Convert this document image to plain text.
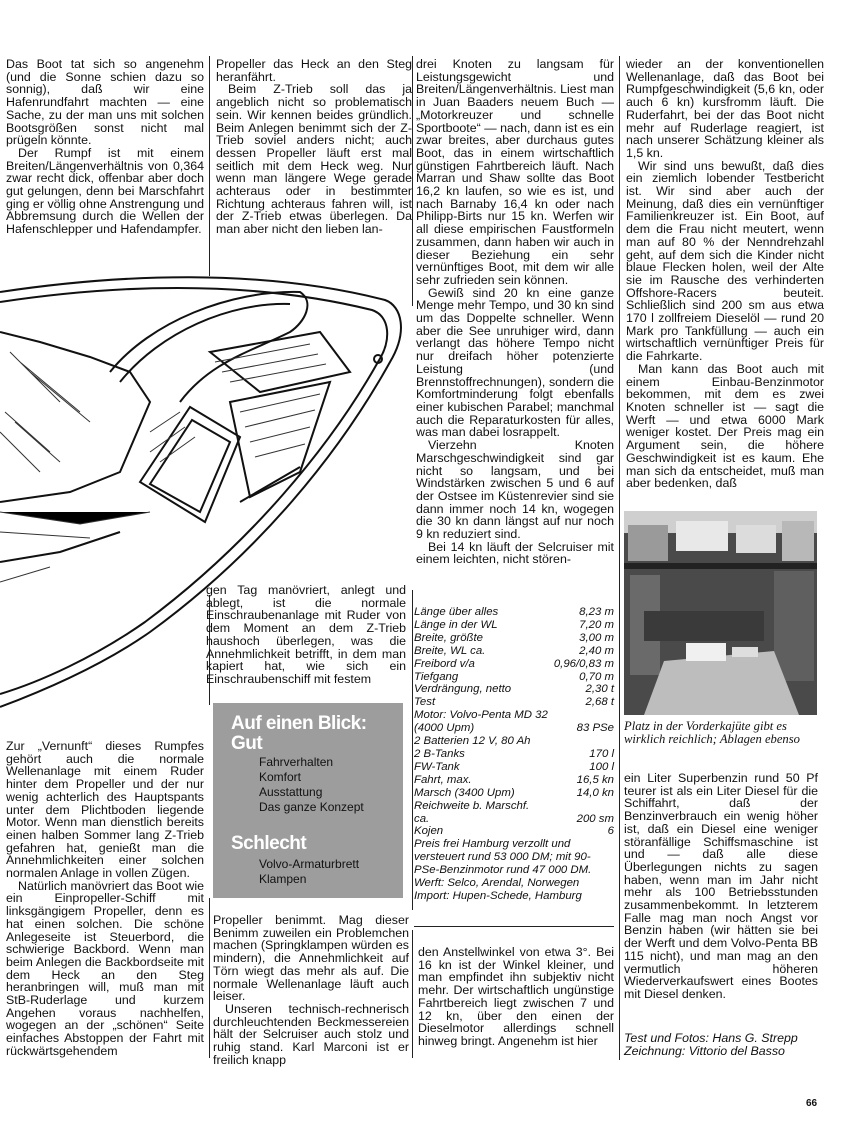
Das Boot tat sich so angenehm (und die Sonne schien dazu so sonnig), daß wir eine Hafenrundfahrt machten — eine Sache, zu der man uns mit solchen Bootsgrößen sonst nicht mal prügeln könnte.

Der Rumpf ist mit einem Breiten/Längenverhältnis von 0,364 zwar recht dick, offenbar aber doch gut gelungen, denn bei Marschfahrt ging er völlig ohne Anstrengung und Abbremsung durch die Wellen der Hafenschlepper und Hafendampfer.

Propeller das Heck an den Steg heranfährt.

Beim Z-Trieb soll das ja angeblich nicht so problematisch sein. Wir kennen beides gründlich. Beim Anlegen benimmt sich der Z-Trieb soviel anders nicht; auch dessen Propeller läuft erst mal seitlich mit dem Heck weg. Nur wenn man längere Wege gerade achteraus oder in bestimmter Richtung achteraus fahren will, ist der Z-Trieb etwas überlegen. Da man aber nicht den lieben lan-

drei Knoten zu langsam für Leistungsgewicht und Breiten/Längenverhältnis. Liest man in Juan Baaders neuem Buch — „Motorkreuzer und schnelle Sportboote“ — nach, dann ist es ein zwar breites, aber durchaus gutes Boot, das in einem wirtschaftlich günstigen Fahrtbereich läuft. Nach Marran und Shaw sollte das Boot 16,2 kn laufen, so wie es ist, und nach Barnaby 16,4 kn oder nach Philipp-Birts nur 15 kn. Werfen wir all diese empirischen Faustformeln zusammen, dann haben wir auch in dieser Beziehung ein sehr vernünftiges Boot, mit dem wir alle sehr zufrieden sein können.

Gewiß sind 20 kn eine ganze Menge mehr Tempo, und 30 kn sind um das Doppelte schneller. Wenn aber die See unruhiger wird, dann verlangt das höhere Tempo nicht nur dreifach höher potenzierte Leistung (und Brennstoffrechnungen), sondern die Komfortminderung folgt ebenfalls einer kubischen Parabel; manchmal auch die Reparaturkosten für alles, was man dabei losrappelt.

Vierzehn Knoten Marschgeschwindigkeit sind gar nicht so langsam, und bei Windstärken zwischen 5 und 6 auf der Ostsee im Küstenrevier sind sie dann immer noch 14 kn, wogegen die 30 kn dann längst auf nur noch 9 kn reduziert sind.

Bei 14 kn läuft der Selcruiser mit einem leichten, nicht stören-

wieder an der konventionellen Wellenanlage, daß das Boot bei Rumpfgeschwindigkeit (5,6 kn, oder auch 6 kn) kursfromm läuft. Die Ruderfahrt, bei der das Boot nicht mehr auf Ruderlage reagiert, ist nach unserer Schätzung kleiner als 1,5 kn.

Wir sind uns bewußt, daß dies ein ziemlich lobender Testbericht ist. Wir sind aber auch der Meinung, daß dies ein vernünftiger Familienkreuzer ist. Ein Boot, auf dem die Frau nicht meutert, wenn man auf 80 % der Nenndrehzahl geht, auf dem sich die Kinder nicht blaue Flecken holen, weil der Alte sie im Rausche des verhinderten Offshore-Racers beuteit. Schließlich sind 200 sm aus etwa 170 l zollfreiem Dieselöl — rund 20 Mark pro Tankfüllung — auch ein wirtschaftlich vernünftiger Preis für die Fahrkarte.

Man kann das Boot auch mit einem Einbau-Benzinmotor bekommen, mit dem es zwei Knoten schneller ist — sagt die Werft — und etwa 6000 Mark weniger kostet. Der Preis mag ein Argument sein, die höhere Geschwindigkeit ist es kaum. Ehe man sich da entscheidet, muß man aber bedenken, daß

gen Tag manövriert, anlegt und ablegt, ist die normale Einschraubenanlage mit Ruder von dem Moment an dem Z-Trieb haushoch überlegen, was die Annehmlichkeit betrifft, in dem man kapiert hat, wie sich ein Einschraubenschiff mit festem

Zur „Vernunft“ dieses Rumpfes gehört auch die normale Wellenanlage mit einem Ruder hinter dem Propeller und der nur wenig achterlich des Hauptspants unter dem Plichtboden liegende Motor. Wenn man dienstlich bereits einen halben Sommer lang Z-Trieb gefahren hat, genießt man die Annehmlichkeiten einer solchen normalen Anlage in vollen Zügen.

Natürlich manövriert das Boot wie ein Einpropeller-Schiff mit linksgängigem Propeller, denn es hat einen solchen. Die schöne Anlegeseite ist Steuerbord, die schwierige Backbord. Wenn man beim Anlegen die Backbordseite mit dem Heck an den Steg heranbringen will, muß man mit StB-Ruderlage und kurzem Angehen voraus nachhelfen, wogegen an der „schönen“ Seite einfaches Abstoppen der Fahrt mit rückwärtsgehendem

Auf einen Blick:
Gut
Fahrverhalten
Komfort
Ausstattung
Das ganze Konzept
Schlecht
Volvo-Armaturbrett
Klampen
Länge über alles	8,23 m
Länge in der WL	7,20 m
Breite, größte	3,00 m
Breite, WL ca.	2,40 m
Freibord v/a	0,96/0,83 m
Tiefgang	0,70 m
Verdrängung, netto	2,30 t
Test	2,68 t
Motor: Volvo-Penta MD 32
(4000 Upm)	83 PSe
2 Batterien 12 V, 80 Ah
2 B-Tanks	170 l
FW-Tank	100 l
Fahrt, max.	16,5 kn
Marsch (3400 Upm)	14,0 kn
Reichweite b. Marschf.
ca.	200 sm
Kojen	6
Preis frei Hamburg verzollt und versteuert rund 53 000 DM; mit 90-PSe-Benzinmotor rund 47 000 DM.
Werft: Selco, Arendal, Norwegen
Import: Hupen-Schede, Hamburg

Propeller benimmt. Mag dieser Benimm zuweilen ein Problemchen machen (Springklampen würden es mindern), die Annehmlichkeit auf Törn wiegt das mehr als auf. Die normale Wellenanlage läuft auch leiser.

Unseren technisch-rechnerisch durchleuchtenden Beckmessereien hält der Selcruiser auch stolz und ruhig stand. Karl Marconi ist er freilich knapp

den Anstellwinkel von etwa 3°. Bei 16 kn ist der Winkel kleiner, und man empfindet ihn subjektiv nicht mehr. Der wirtschaftlich ungünstige Fahrtbereich liegt zwischen 7 und 12 kn, über den einen der Dieselmotor allerdings schnell hinweg bringt. Angenehm ist hier

Platz in der Vorderkajüte gibt es wirklich reichlich; Ablagen ebenso

ein Liter Superbenzin rund 50 Pf teurer ist als ein Liter Diesel für die Schiffahrt, daß der Benzinverbrauch ein wenig höher ist, daß ein Diesel eine weniger störanfällige Schiffsmaschine ist und — daß alle diese Überlegungen nichts zu sagen haben, wenn man im Jahr nicht mehr als 100 Betriebsstunden zusammenbekommt. In letzterem Falle mag man noch Angst vor Benzin haben (wir hätten sie bei der Werft und dem Volvo-Penta BB 115 nicht), und man mag an den vermutlich höheren Wiederverkaufswert eines Bootes mit Diesel denken.

Test und Fotos: Hans G. Strepp
Zeichnung: Vittorio del Basso
66
